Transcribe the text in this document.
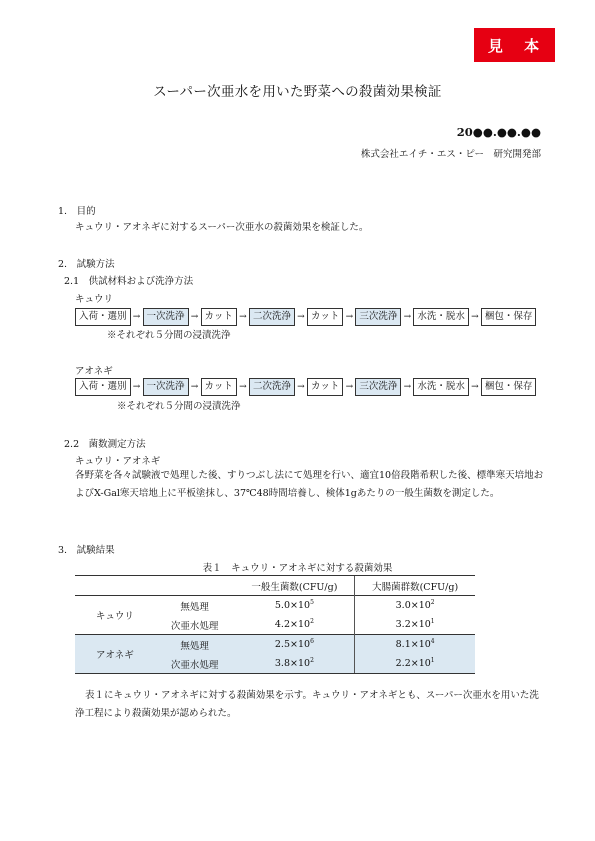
見 本
スーパー次亜水を用いた野菜への殺菌効果検証
20●●.●●.●●
株式会社エイチ・エス・ピー　研究開発部
1.　目的
キュウリ・アオネギに対するスーパー次亜水の殺菌効果を検証した。
2.　試験方法
2.1　供試材料および洗浄方法
キュウリ
入荷・選別 → 一次洗浄 → カット → 二次洗浄 → カット → 三次洗浄 → 水洗・脱水 → 梱包・保存
※それぞれ５分間の浸漬洗浄
アオネギ
入荷・選別 → 一次洗浄 → カット → 二次洗浄 → カット → 三次洗浄 → 水洗・脱水 → 梱包・保存
※それぞれ５分間の浸漬洗浄
2.2　菌数測定方法
キュウリ・アオネギ
各野菜を各々試験液で処理した後、すりつぶし法にて処理を行い、適宜10倍段階希釈した後、標準寒天培地およびX-Gal寒天培地上に平板塗抹し、37℃48時間培養し、検体1gあたりの一般生菌数を測定した。
3.　試験結果
表１　キュウリ・アオネギに対する殺菌効果
		一般生菌数(CFU/g)	大腸菌群数(CFU/g)
キュウリ	無処理	$5.0\times 10^5$	$3.0\times 10^2$
	次亜水処理	$4.2\times 10^2$	$3.2\times 10^1$
アオネギ	無処理	$2.5\times 10^6$	$8.1\times 10^4$
	次亜水処理	$3.8\times 10^2$	$2.2\times 10^1$
表１にキュウリ・アオネギに対する殺菌効果を示す。キュウリ・アオネギとも、スーパー次亜水を用いた洗浄工程により殺菌効果が認められた。
